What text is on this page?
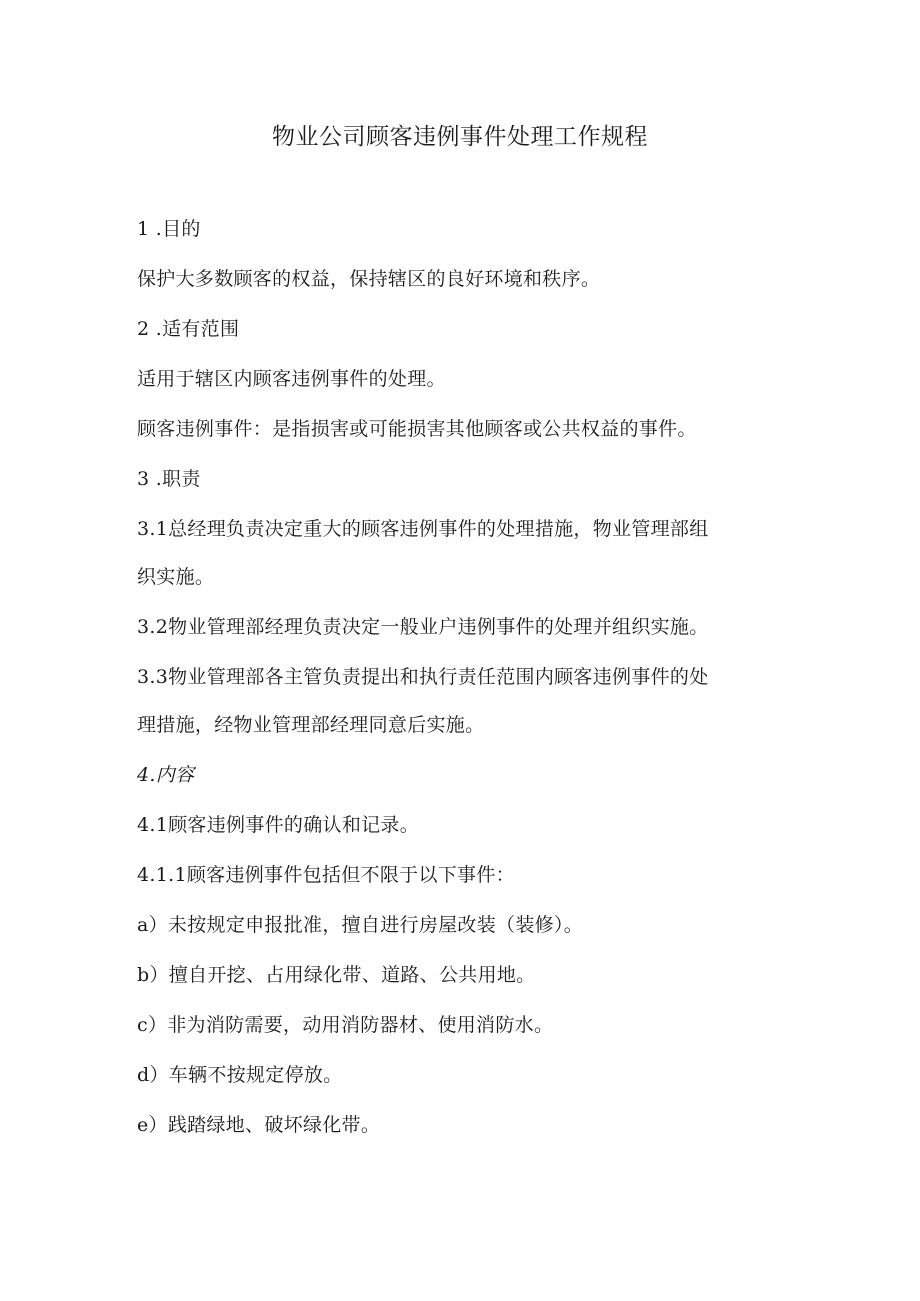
物业公司顾客违例事件处理工作规程

1 .目的

保护大多数顾客的权益，保持辖区的良好环境和秩序。

2 .适有范围

适用于辖区内顾客违例事件的处理。

顾客违例事件：是指损害或可能损害其他顾客或公共权益的事件。

3 .职责

3.1总经理负责决定重大的顾客违例事件的处理措施，物业管理部组

织实施。

3.2物业管理部经理负责决定一般业户违例事件的处理并组织实施。

3.3物业管理部各主管负责提出和执行责任范围内顾客违例事件的处

理措施，经物业管理部经理同意后实施。

4.内容

4.1顾客违例事件的确认和记录。

4.1.1顾客违例事件包括但不限于以下事件：

a）未按规定申报批准，擅自进行房屋改装（装修）。

b）擅自开挖、占用绿化带、道路、公共用地。

c）非为消防需要，动用消防器材、使用消防水。

d）车辆不按规定停放。

e）践踏绿地、破坏绿化带。
